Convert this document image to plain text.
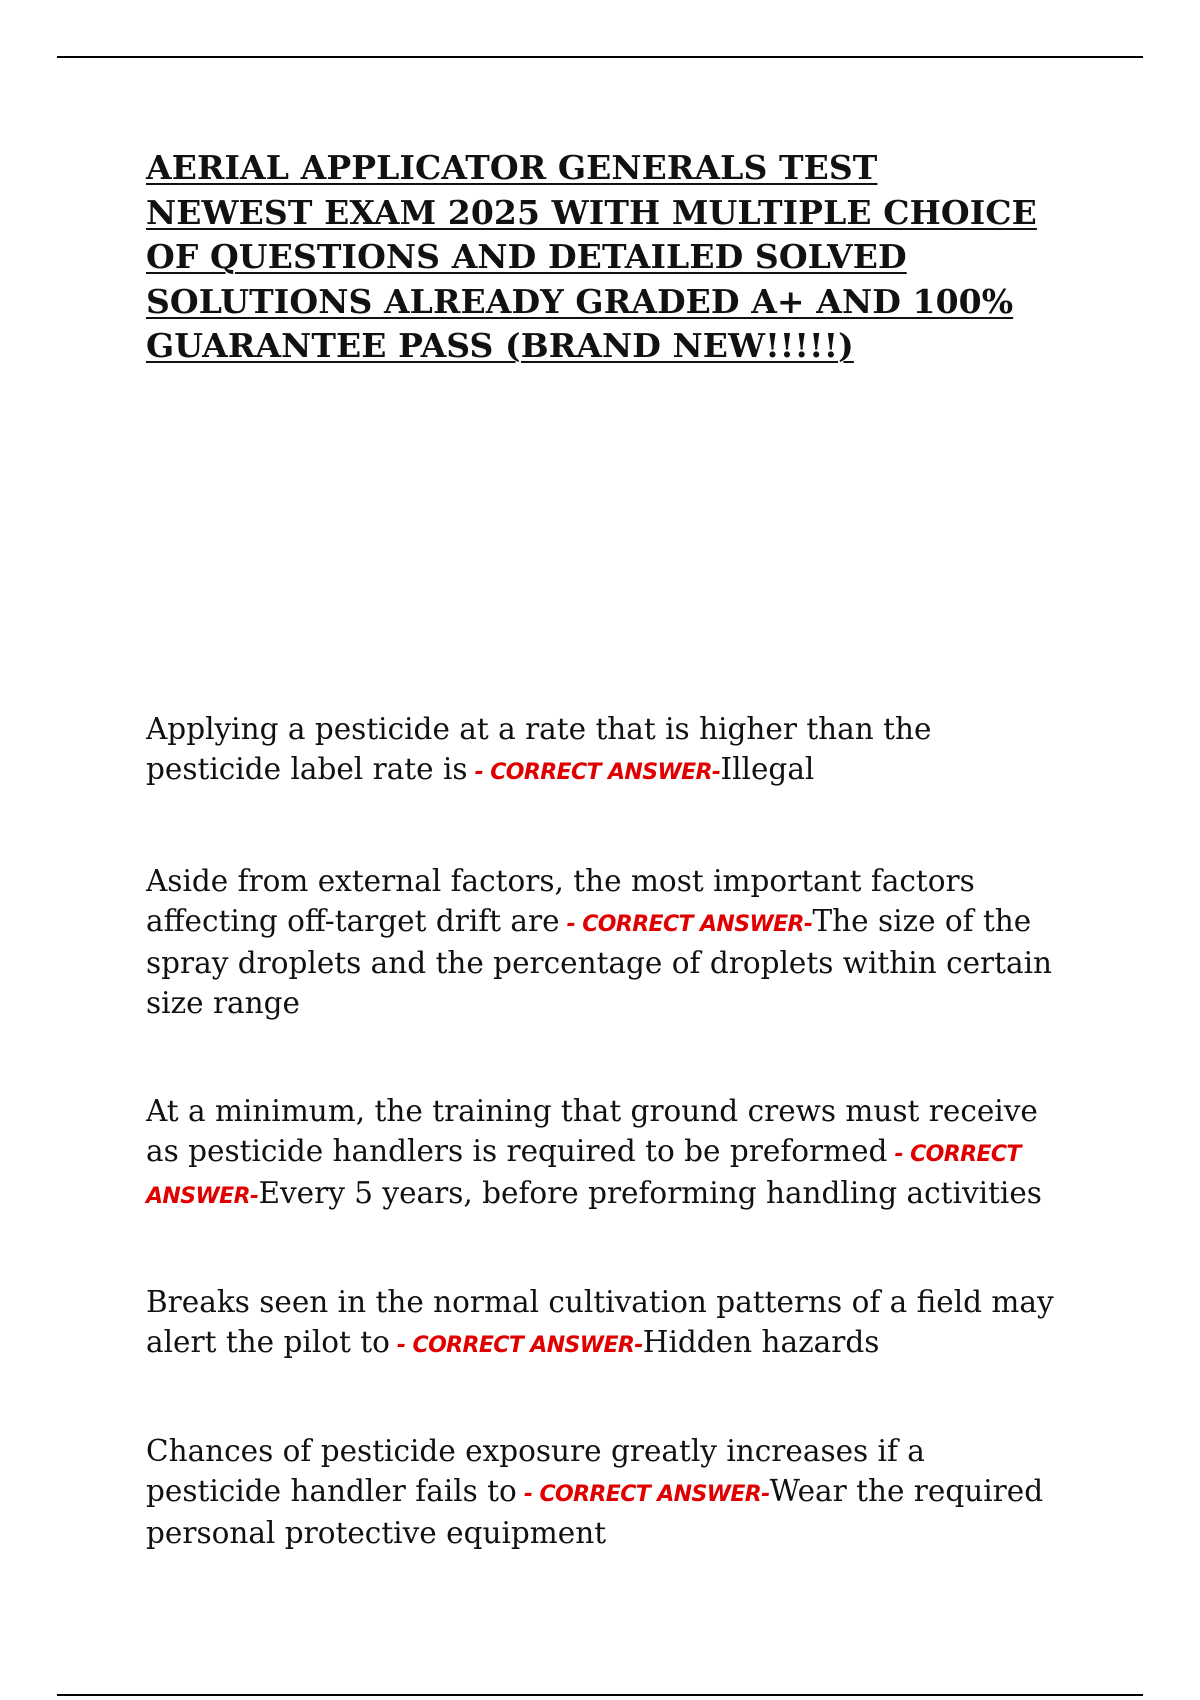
AERIAL APPLICATOR GENERALS TEST NEWEST EXAM 2025 WITH MULTIPLE CHOICE OF QUESTIONS AND DETAILED SOLVED SOLUTIONS ALREADY GRADED A+ AND 100% GUARANTEE PASS (BRAND NEW!!!!!)

Applying a pesticide at a rate that is higher than the pesticide label rate is - CORRECT ANSWER-Illegal

Aside from external factors, the most important factors affecting off-target drift are - CORRECT ANSWER-The size of the spray droplets and the percentage of droplets within certain size range

At a minimum, the training that ground crews must receive as pesticide handlers is required to be preformed - CORRECT ANSWER-Every 5 years, before preforming handling activities

Breaks seen in the normal cultivation patterns of a field may alert the pilot to - CORRECT ANSWER-Hidden hazards

Chances of pesticide exposure greatly increases if a pesticide handler fails to - CORRECT ANSWER-Wear the required personal protective equipment
